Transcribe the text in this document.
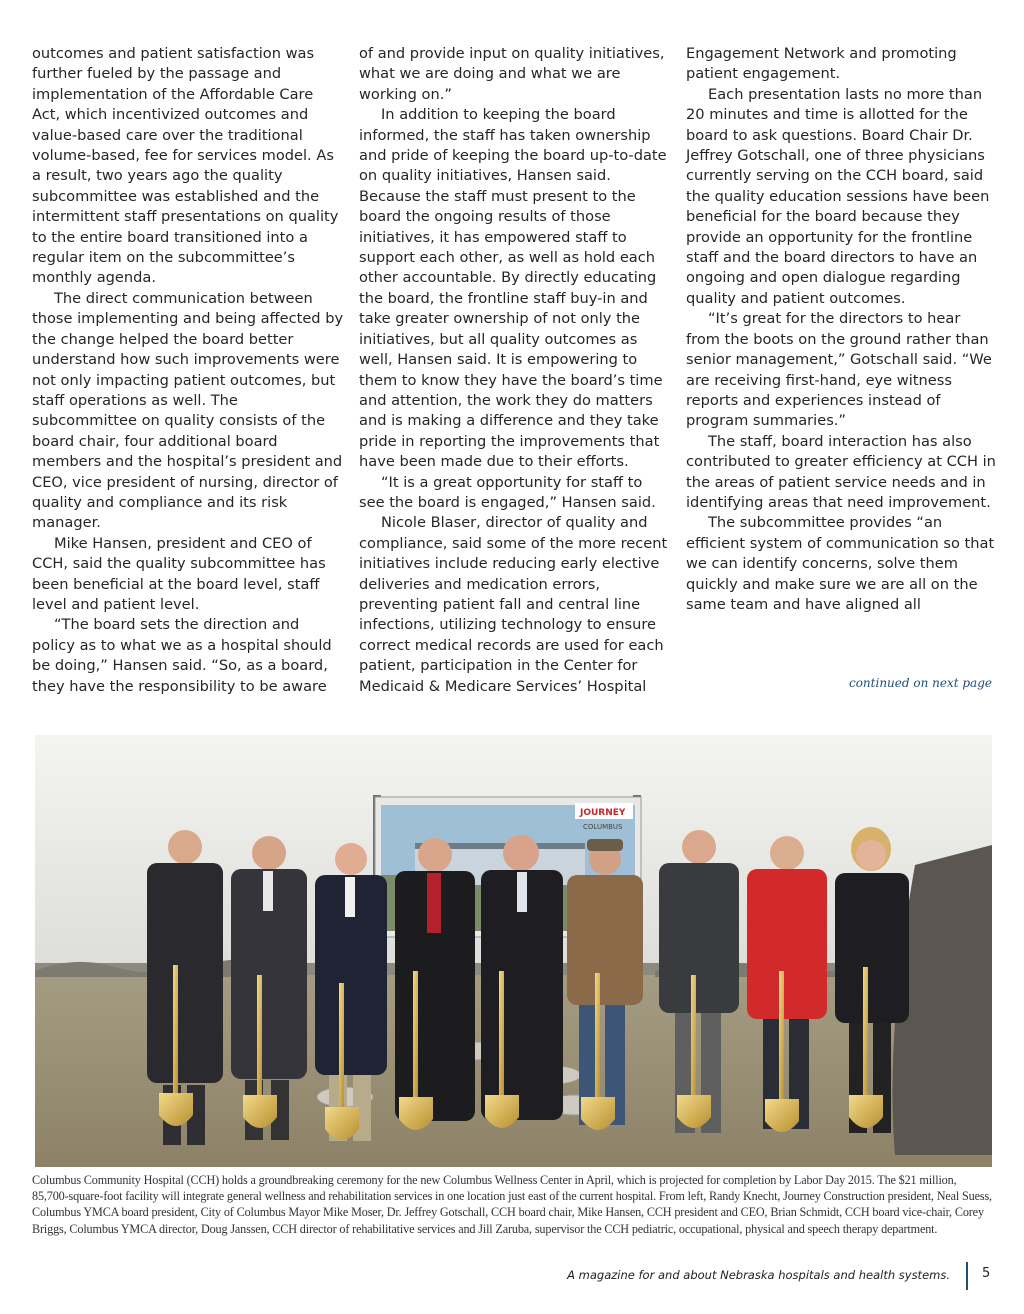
outcomes and patient satisfaction was further fueled by the passage and implementation of the Affordable Care Act, which incentivized outcomes and value-based care over the traditional volume-based, fee for services model. As a result, two years ago the quality subcommittee was established and the intermittent staff presentations on quality to the entire board transitioned into a regular item on the subcommittee’s monthly agenda.

The direct communication between those implementing and being affected by the change helped the board better understand how such improvements were not only impacting patient outcomes, but staff operations as well. The subcommittee on quality consists of the board chair, four additional board members and the hospital’s president and CEO, vice president of nursing, director of quality and compliance and its risk manager.

Mike Hansen, president and CEO of CCH, said the quality subcommittee has been beneficial at the board level, staff level and patient level.

“The board sets the direction and policy as to what we as a hospital should be doing,” Hansen said. “So, as a board, they have the responsibility to be aware

of and provide input on quality initiatives, what we are doing and what we are working on.”

In addition to keeping the board informed, the staff has taken ownership and pride of keeping the board up-to-date on quality initiatives, Hansen said. Because the staff must present to the board the ongoing results of those initiatives, it has empowered staff to support each other, as well as hold each other accountable. By directly educating the board, the frontline staff buy-in and take greater ownership of not only the initiatives, but all quality outcomes as well, Hansen said. It is empowering to them to know they have the board’s time and attention, the work they do matters and is making a difference and they take pride in reporting the improvements that have been made due to their efforts.

“It is a great opportunity for staff to see the board is engaged,” Hansen said.

Nicole Blaser, director of quality and compliance, said some of the more recent initiatives include reducing early elective deliveries and medication errors, preventing patient fall and central line infections, utilizing technology to ensure correct medical records are used for each patient, participation in the Center for Medicaid & Medicare Services’ Hospital

Engagement Network and promoting patient engagement.

Each presentation lasts no more than 20 minutes and time is allotted for the board to ask questions. Board Chair Dr. Jeffrey Gotschall, one of three physicians currently serving on the CCH board, said the quality education sessions have been beneficial for the board because they provide an opportunity for the frontline staff and the board directors to have an ongoing and open dialogue regarding quality and patient outcomes.

“It’s great for the directors to hear from the boots on the ground rather than senior management,” Gotschall said. “We are receiving first-hand, eye witness reports and experiences instead of program summaries.”

The staff, board interaction has also contributed to greater efficiency at CCH in the areas of patient service needs and in identifying areas that need improvement.

The subcommittee provides “an efficient system of communication so that we can identify concerns, solve them quickly and make sure we are all on the same team and have aligned all

continued on next page
JOURNEY
COLUMBUS
Columbus Community Hospital (CCH) holds a groundbreaking ceremony for the new Columbus Wellness Center in April, which is projected for completion by Labor Day 2015. The $21 million, 85,700-square-foot facility will integrate general wellness and rehabilitation services in one location just east of the current hospital. From left, Randy Knecht, Journey Construction president, Neal Suess, Columbus YMCA board president, City of Columbus Mayor Mike Moser, Dr. Jeffrey Gotschall, CCH board chair, Mike Hansen, CCH president and CEO, Brian Schmidt, CCH board vice-chair, Corey Briggs, Columbus YMCA director, Doug Janssen, CCH director of rehabilitative services and Jill Zaruba, supervisor the CCH pediatric, occupational, physical and speech therapy department.
A magazine for and about Nebraska hospitals and health systems. 5
